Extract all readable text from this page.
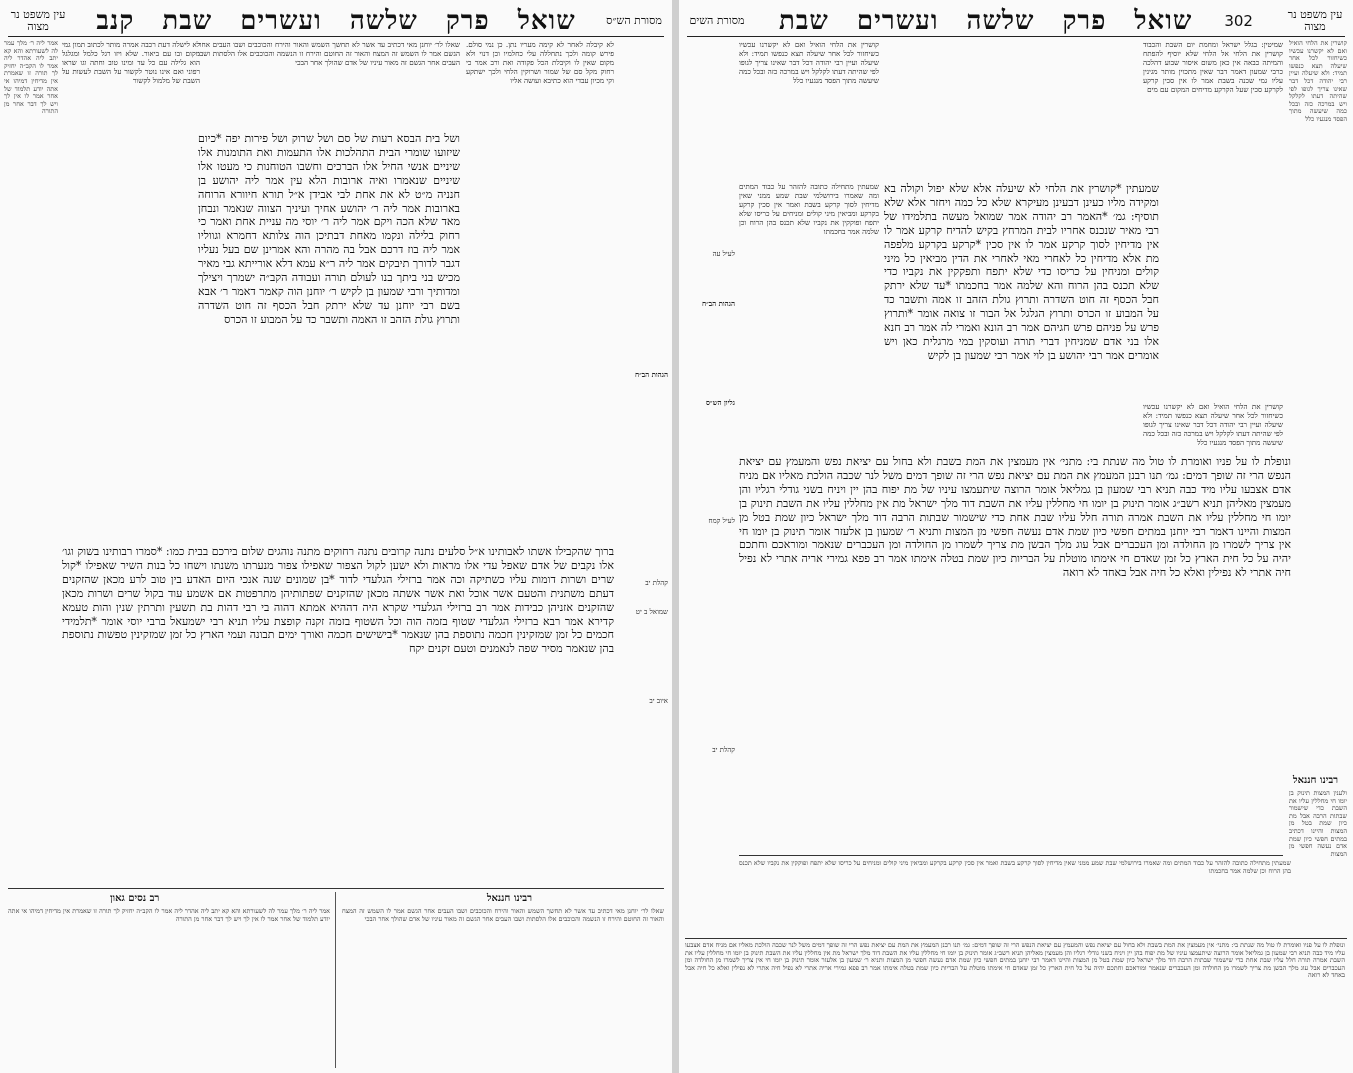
עין משפט נר מצוה
302
שואל פרק שלשה ועשרים שבת
מסורת השים
קושרין את הלחי הואיל ואם לא יקשרנו עכשיו כשיחזור לכל אחר שיעלה תצא כנפשו תמיד: ולא שיעלה ועיין רבי יהודה דכל דבר שאינו צריך לגופו לפי שהיתה דעתו לקלקל ויש במרכה כזה ובכל כמה שיעשה מתוך הפסד מנגעיו כלל
שמיטין: בגלל ישראל ומחמת יום השבת והכבוד קושרין את הלחי אל הלחי שלא יוסיף להפתח והמיתה כבאה אין כאן משום איסור שבוע דהלכה כרבי שמעון דאמר דבר שאין מתכוין מותר מגינין עליו גמי שכנה בשבת אמר לו אין סכין קרקע לקרקע סכין שעל הקרקע מדיחים המקום עם מים
קושרין את הלחי הואיל ואם לא יקשרנו עכשיו כשיחזור לכל אחר שיעלה תצא כנפשו תמיד: ולא שיעלה ועיין רבי יהודה דכל דבר שאינו צריך לגופו לפי שהיתה דעתו לקלקל ויש במרכה כזה ובכל כמה שיעשה מתוך הפסד מנגעיו כלל
לעיל עה
הגהות הב״ח
גליון הש״ס
לעיל קמח
קהלת יב
שמעתין *קושרין את הלחי לא שיעלה אלא שלא יפול וקולה בא ומקידה מליו כעינן דבעינן מעיקרא שלא כל כמה ויחזר אלא שלא תוסיף: גמ׳ *האמר רב יהודה אמר שמואל מעשה בתלמידו של רבי מאיר שנכנס אחריו לבית המרחץ בקיש להדיח קרקע אמר לו אין מדיחין לסוך קרקע אמר לו אין סכין *קרקע בקרקע מלפפה מת אלא מדיחין כל לאחרי מאי לאחרי את הדין מביאין כל מיני קולים ומניחין על כריסו כדי שלא יתפח ותפקקין את נקביו כדי שלא תכנס בהן הרוח והא שלמה אמר בחכמתו *עד שלא ירתק חבל הכסף זה חוט השדרה ותרוץ גולת הזהב זו אמה ותשבר כד על המבוע זו הכרס ותרוץ הגלגל אל הבור זו צואה אומר *ותרוץ פרש על פניהם פרש חגיהם אמר רב הונא ואמרי לה אמר רב חנא אלו בני אדם שמניחין דברי תורה ועוסקין במי מרגלית כאן ויש אומרים אמר רבי יהושע בן לוי אמר רבי שמעון בן לקיש
קושרין את הלחי הואיל ואם לא יקשרנו עכשיו כשיחזור לכל אחר שיעלה תצא כנפשו תמיד: ולא שיעלה ועיין רבי יהודה דכל דבר שאינו צריך לגופו לפי שהיתה דעתו לקלקל ויש במרכה כזה ובכל כמה שיעשה מתוך הפסד מנגעיו כלל
שמעתין מתחילה כתובה להזהר על כבוד המתים ומה שאמרו בירושלמי שבת שמע ממני שאין מדיחין לסוך קרקע בשבת ואמר אין סכין קרקע בקרקע ומביאין מיני קולים ומניחים על כריסו שלא יתפח ופוקקין את נקביו שלא תכנס בהן הרוח וכן שלמה אמר בחכמתו
ונופלת לו על פניו ואומרת לו טול מה שנתת בי: מתני׳ אין מעמצין את המת בשבת ולא בחול עם יציאת נפש והמעמץ עם יציאת הנפש הרי זה שופך דמים: גמ׳ תנו רבנן המעמץ את המת עם יציאת נפש הרי זה שופך דמים משל לנר שכבה הולכת מאליו אם מניח אדם אצבעו עליו מיד כבה תניא רבי שמעון בן גמליאל אומר הרוצה שיתעמצו עיניו של מת יפוח בהן יין ויניח בשני גודלי רגליו והן מעמצין מאליהן תניא רשב״ג אומר תינוק בן יומו חי מחללין עליו את השבת דוד מלך ישראל מת אין מחללין עליו את השבת תינוק בן יומו חי מחללין עליו את השבת אמרה תורה חלל עליו שבת אחת כדי שישמור שבתות הרבה דוד מלך ישראל כיון שמת בטל מן המצות והיינו דאמר רבי יוחנן במתים חפשי כיון שמת אדם נעשה חפשי מן המצות ותניא ר׳ שמעון בן אלעזר אומר תינוק בן יומו חי אין צריך לשמרו מן החולדה ומן העכברים אבל עוג מלך הבשן מת צריך לשמרו מן החולדה ומן העכברים שנאמר ומוראכם וחתכם יהיה על כל חית הארץ כל זמן שאדם חי אימתו מוטלת על הבריות כיון שמת בטלה אימתו אמר רב פפא גמירי אריה אתרי לא נפיל חיה אתרי לא נפילין ואלא כל חיה אבל באחד לא רואה
רבינו חננאל
ולענין המצות תינוק בן יומו חי מחללין עליו את השבת כדי שישמור שבתות הרבה אבל מת כיון שמת בטל מן המצות והיינו דכתיב במתים חפשי כיון שמת אדם נעשה חפשי מן המצות
שמעתין מתחילה כתובה להזהר על כבוד המתים ומה שאמרו בירושלמי שבת שמע ממני שאין מדיחין לסוך קרקע בשבת ואמר אין סכין קרקע בקרקע ומביאין מיני קולים ומניחים על כריסו שלא יתפח ופוקקין את נקביו שלא תכנס בהן הרוח וכן שלמה אמר בחכמתו
ונופלת לו על פניו ואומרת לו טול מה שנתת בי: מתני׳ אין מעמצין את המת בשבת ולא בחול עם יציאת נפש והמעמץ עם יציאת הנפש הרי זה שופך דמים: גמ׳ תנו רבנן המעמץ את המת עם יציאת נפש הרי זה שופך דמים משל לנר שכבה הולכת מאליו אם מניח אדם אצבעו עליו מיד כבה תניא רבי שמעון בן גמליאל אומר הרוצה שיתעמצו עיניו של מת יפוח בהן יין ויניח בשני גודלי רגליו והן מעמצין מאליהן תניא רשב״ג אומר תינוק בן יומו חי מחללין עליו את השבת דוד מלך ישראל מת אין מחללין עליו את השבת תינוק בן יומו חי מחללין עליו את השבת אמרה תורה חלל עליו שבת אחת כדי שישמור שבתות הרבה דוד מלך ישראל כיון שמת בטל מן המצות והיינו דאמר רבי יוחנן במתים חפשי כיון שמת אדם נעשה חפשי מן המצות ותניא ר׳ שמעון בן אלעזר אומר תינוק בן יומו חי אין צריך לשמרו מן החולדה ומן העכברים אבל עוג מלך הבשן מת צריך לשמרו מן החולדה ומן העכברים שנאמר ומוראכם וחתכם יהיה על כל חית הארץ כל זמן שאדם חי אימתו מוטלת על הבריות כיון שמת בטלה אימתו אמר רב פפא גמירי אריה אתרי לא נפיל חיה אתרי לא נפילין ואלא כל חיה אבל באחד לא רואה
מסורת הש״ס
שואל פרק שלשה ועשרים שבת קנב
עין משפט נר מצוה
הגהות הב״ח
קהלת יב
שמואל ב יט
איוב יב
לא קיבלה לאחר לא קימה מעריו נתן. כן נמי סולם. פירש קומה ולכך נתחללה עלי כחלמיו וכן דנוי ולא מקום שאין לו וקיבלת הכל פקודה ואת ורב אמר כי רחוק מקל סם של שמור ושרוקין הלחי ולכך ישתקע וקי מכיון עבדי הוא כתיבא ועושה אליו
ושל בית הבסא רעות של סם ושל שרוק ושל פירות יפה *כיום שיזועו שומרי הבית התהלכות אלו התעמות ואת התומנות אלו שיניים אנשי החיל אלו הברכים וחשבו הטוחנות כי מעטו אלו שיניים שנאמרו ואיה ארובות הלא עין אמר ליה יהושע בן חנניה מ״ט לא את אחת לבי אבידן א״ל תורא חיוורא הרוחה בארובות אמר ליה ר׳ יהושע אחיך ועיניך הצווה שנאמר ונבחן מאד שלא הכה ויקם אמר ליה ר׳ יוסי מה עניית אחת ואמר כי רחוק בלילה ונקמו מאחת דבתיכן הוה צלותא דחמרא וגווליו אמר ליה בוז דרכם אבל בה מהרה והא אמרינן שם בעל נעליו דגבר לדורך תיבקים אמר ליה ר״א עמא דלא אורייתא גבי מאיר מכיש בני ביתך בנו לעולם תורה ועבודה הקב״ה ישמרך ויצילך ומדותיך ורבי שמעון בן לקיש ר׳ יוחנן הוה קאמר דאמר ר׳ אבא בשם רבי יוחנן עד שלא ירתק חבל הכסף זה חוט השדרה ותרוץ גולת הזהב זו האמה ותשבר כד על המבוע זו הכרס
לא לישלה דעת רכבה אמרה מותר לכתוב תמון גמי מקום ובו עם ביאור. שלא ויזו רגל כלמל ומגלגל הוא גלילה עם כל עד ומינו טוב וחתה וגו שראו רפוני ואם אינו נוטר לקשור על השבת לעשות על השבת של מלמול לקשור
שאלו לר׳ יוחנן מאי דכתיב עד אשר לא תחשך השמש והאור והירח והכוכבים ושבו העבים אחר הגשם אמר לו השמש זה המצח והאור זה החוטם והירח זו הנשמה והכוכבים אלו הלסתות ושבו העבים אחר הגשם זה מאור עיניו של אדם שהולך אחר הבכי
אמר ליה ר׳ מלך עמר לה לשעורתא והא קא יתב ליה אהדר ליה אמר לו הקב״ה יחזיק לך תורה זו שאמרת אין מדיחין דמיהו אי אתה יודע תלמוד של אחר אמר לו אין לך ויש לך דבר אחר מן התורה
ברוך שהקבילו אשתו לאבותינו א״ל סלעים נתנה קרובים נתנה רחוקים מתנה נוהגים שלום בירכם בבית כמו: *סמרו רבותינו בשוק וגו׳ אלו נקבים של אדם שאפל עדי אלו מראות ולא ישען לקול הצפור שאפילו צפור מנערתו משנתו וישחו כל בנות השיר שאפילו *קול שרים ושרות דומות עליו כשתיקה וכה אמר ברזילי הגלעדי לדוד *בן שמונים שנה אנכי היום האדע בין טוב לרע מכאן שהזקנים דעתם משתנית והטעם אשר אוכל ואת אשר אשתה מכאן שהזקנים שפתותיהן מתרפטות אם אשמע עוד בקול שרים ושרות מכאן שהזקנים אזניהן כבידות אמר רב ברזילי הגלעדי שקרא היה דההיא אמתא דהוה בי רבי דהות בת תשעין ותרתין שנין והות טעמא קדירא אמר רבא ברזילי הגלעדי שטוף בזמה הוה וכל השטוף בזמה זקנה קופצת עליו תניא רבי ישמעאל ברבי יוסי אומר *תלמידי חכמים כל זמן שמזקינין חכמה נתוספת בהן שנאמר *בישישים חכמה ואורך ימים תבונה ועמי הארץ כל זמן שמזקינין טפשות נתוספת בהן שנאמר מסיר שפה לנאמנים וטעם זקנים יקח
רב נסים גאון	רבינו חננאל
אמר ליה ר׳ מלך עמר לה לשעורתא והא קא יתב ליה אהדר ליה אמר לו הקב״ה יחזיק לך תורה זו שאמרת אין מדיחין דמיהו אי אתה יודע תלמוד של אחר אמר לו אין לך ויש לך דבר אחר מן התורה
שאלו לר׳ יוחנן מאי דכתיב עד אשר לא תחשך השמש והאור והירח והכוכבים ושבו העבים אחר הגשם אמר לו השמש זה המצח והאור זה החוטם והירח זו הנשמה והכוכבים אלו הלסתות ושבו העבים אחר הגשם זה מאור עיניו של אדם שהולך אחר הבכי
